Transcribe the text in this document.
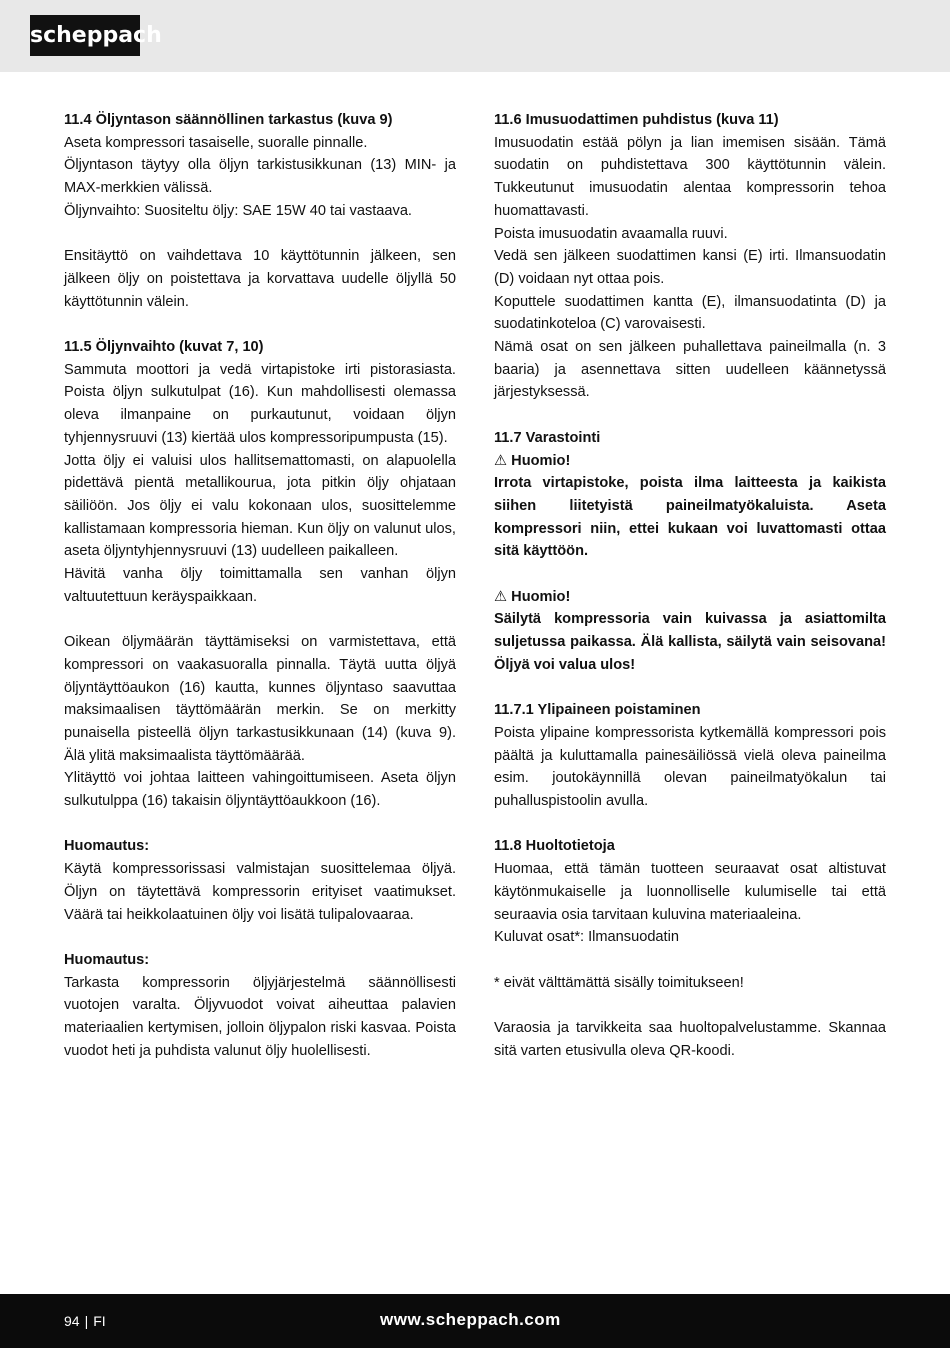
scheppach
11.4 Öljyntason säännöllinen tarkastus (kuva 9)

Aseta kompressori tasaiselle, suoralle pinnalle.

Öljyntason täytyy olla öljyn tarkistusikkunan (13) MIN- ja MAX-merkkien välissä.

Öljynvaihto: Suositeltu öljy: SAE 15W 40 tai vastaava.

Ensitäyttö on vaihdettava 10 käyttötunnin jälkeen, sen jälkeen öljy on poistettava ja korvattava uudelle öljyllä 50 käyttötunnin välein.

11.5 Öljynvaihto (kuvat 7, 10)

Sammuta moottori ja vedä virtapistoke irti pistorasiasta. Poista öljyn sulkutulpat (16). Kun mahdollisesti olemassa oleva ilmanpaine on purkautunut, voidaan öljyn tyhjennysruuvi (13) kiertää ulos kompressoripumpusta (15).

Jotta öljy ei valuisi ulos hallitsemattomasti, on alapuolella pidettävä pientä metallikourua, jota pitkin öljy ohjataan säiliöön. Jos öljy ei valu kokonaan ulos, suosittelemme kallistamaan kompressoria hieman. Kun öljy on valunut ulos, aseta öljyntyhjennysruuvi (13) uudelleen paikalleen.

Hävitä vanha öljy toimittamalla sen vanhan öljyn valtuutettuun keräyspaikkaan.

Oikean öljymäärän täyttämiseksi on varmistettava, että kompressori on vaakasuoralla pinnalla. Täytä uutta öljyä öljyntäyttöaukon (16) kautta, kunnes öljyntaso saavuttaa maksimaalisen täyttömäärän merkin. Se on merkitty punaisella pisteellä öljyn tarkastusikkunaan (14) (kuva 9). Älä ylitä maksimaalista täyttömäärää.

Ylitäyttö voi johtaa laitteen vahingoittumiseen. Aseta öljyn sulkutulppa (16) takaisin öljyntäyttöaukkoon (16).

Huomautus:

Käytä kompressorissasi valmistajan suosittelemaa öljyä. Öljyn on täytettävä kompressorin erityiset vaatimukset. Väärä tai heikkolaatuinen öljy voi lisätä tulipalovaaraa.

Huomautus:

Tarkasta kompressorin öljyjärjestelmä säännöllisesti vuotojen varalta. Öljyvuodot voivat aiheuttaa palavien materiaalien kertymisen, jolloin öljypalon riski kasvaa. Poista vuodot heti ja puhdista valunut öljy huolellisesti.

11.6 Imusuodattimen puhdistus (kuva 11)

Imusuodatin estää pölyn ja lian imemisen sisään. Tämä suodatin on puhdistettava 300 käyttötunnin välein. Tukkeutunut imusuodatin alentaa kompressorin tehoa huomattavasti.

Poista imusuodatin avaamalla ruuvi.

Vedä sen jälkeen suodattimen kansi (E) irti. Ilmansuodatin (D) voidaan nyt ottaa pois.

Koputtele suodattimen kantta (E), ilmansuodatinta (D) ja suodatinkoteloa (C) varovaisesti.

Nämä osat on sen jälkeen puhallettava paineilmalla (n. 3 baaria) ja asennettava sitten uudelleen käännetyssä järjestyksessä.

11.7 Varastointi
⚠ Huomio!

Irrota virtapistoke, poista ilma laitteesta ja kaikista siihen liitetyistä paineilmatyökaluista. Aseta kompressori niin, ettei kukaan voi luvattomasti ottaa sitä käyttöön.

⚠ Huomio!

Säilytä kompressoria vain kuivassa ja asiattomilta suljetussa paikassa. Älä kallista, säilytä vain seisovana! Öljyä voi valua ulos!

11.7.1 Ylipaineen poistaminen

Poista ylipaine kompressorista kytkemällä kompressori pois päältä ja kuluttamalla painesäiliössä vielä oleva paineilma esim. joutokäynnillä olevan paineilmatyökalun tai puhalluspistoolin avulla.

11.8 Huoltotietoja

Huomaa, että tämän tuotteen seuraavat osat altistuvat käytönmukaiselle ja luonnolliselle kulumiselle tai että seuraavia osia tarvitaan kuluvina materiaaleina.

Kuluvat osat*: Ilmansuodatin

* eivät välttämättä sisälly toimitukseen!

Varaosia ja tarvikkeita saa huoltopalvelustamme. Skannaa sitä varten etusivulla oleva QR-koodi.

94 | FI	www.scheppach.com
